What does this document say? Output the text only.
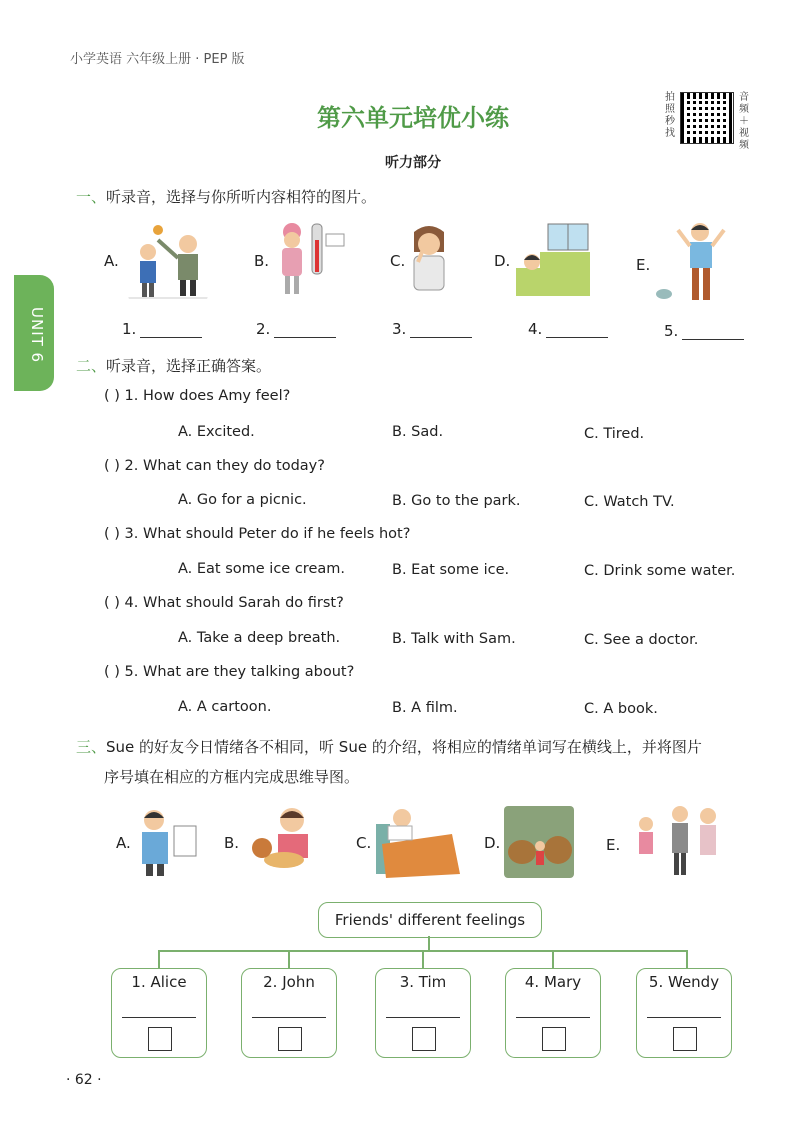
小学英语 六年级上册 · PEP 版
第六单元培优小练
拍照秒找
音频＋视频
UNIT 6
听力部分
一、听录音，选择与你所听内容相符的图片。
A.	B.	C.	D.	E.
1.	2.	3.	4.	5.
二、听录音，选择正确答案。
( ) 1. How does Amy feel?
A. Excited.	B. Sad.	C. Tired.
( ) 2. What can they do today?
A. Go for a picnic.	B. Go to the park.	C. Watch TV.
( ) 3. What should Peter do if he feels hot?
A. Eat some ice cream.	B. Eat some ice.	C. Drink some water.
( ) 4. What should Sarah do first?
A. Take a deep breath.	B. Talk with Sam.	C. See a doctor.
( ) 5. What are they talking about?
A. A cartoon.	B. A film.	C. A book.
三、Sue 的好友今日情绪各不相同，听 Sue 的介绍，将相应的情绪单词写在横线上，并将图片
序号填在相应的方框内完成思维导图。
A.	B.	C.	D.	E.
Friends' different feelings
1. Alice	2. John	3. Tim	4. Mary	5. Wendy
· 62 ·
